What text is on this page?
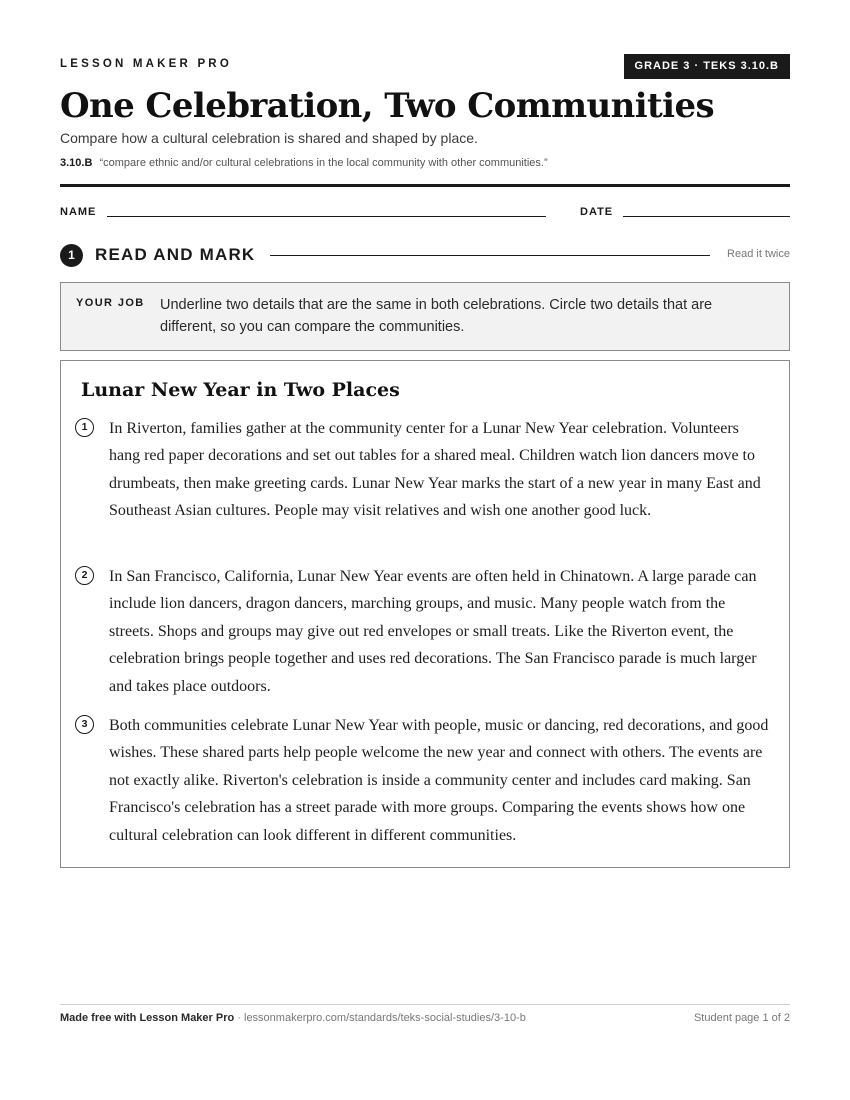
LESSON MAKER PRO	GRADE 3 · TEKS 3.10.B
One Celebration, Two Communities
Compare how a cultural celebration is shared and shaped by place.
3.10.B “compare ethnic and/or cultural celebrations in the local community with other communities.”
NAME	DATE
1	READ AND MARK	Read it twice
YOUR JOB Underline two details that are the same in both celebrations. Circle two details that are different, so you can compare the communities.
Lunar New Year in Two Places
1	In Riverton, families gather at the community center for a Lunar New Year celebration. Volunteers hang red paper decorations and set out tables for a shared meal. Children watch lion dancers move to drumbeats, then make greeting cards. Lunar New Year marks the start of a new year in many East and Southeast Asian cultures. People may visit relatives and wish one another good luck.

2	In San Francisco, California, Lunar New Year events are often held in Chinatown. A large parade can include lion dancers, dragon dancers, marching groups, and music. Many people watch from the streets. Shops and groups may give out red envelopes or small treats. Like the Riverton event, the celebration brings people together and uses red decorations. The San Francisco parade is much larger and takes place outdoors.

3	Both communities celebrate Lunar New Year with people, music or dancing, red decorations, and good wishes. These shared parts help people welcome the new year and connect with others. The events are not exactly alike. Riverton's celebration is inside a community center and includes card making. San Francisco's celebration has a street parade with more groups. Comparing the events shows how one cultural celebration can look different in different communities.

Made free with Lesson Maker Pro · lessonmakerpro.com/standards/teks-social-studies/3-10-b	Student page 1 of 2
